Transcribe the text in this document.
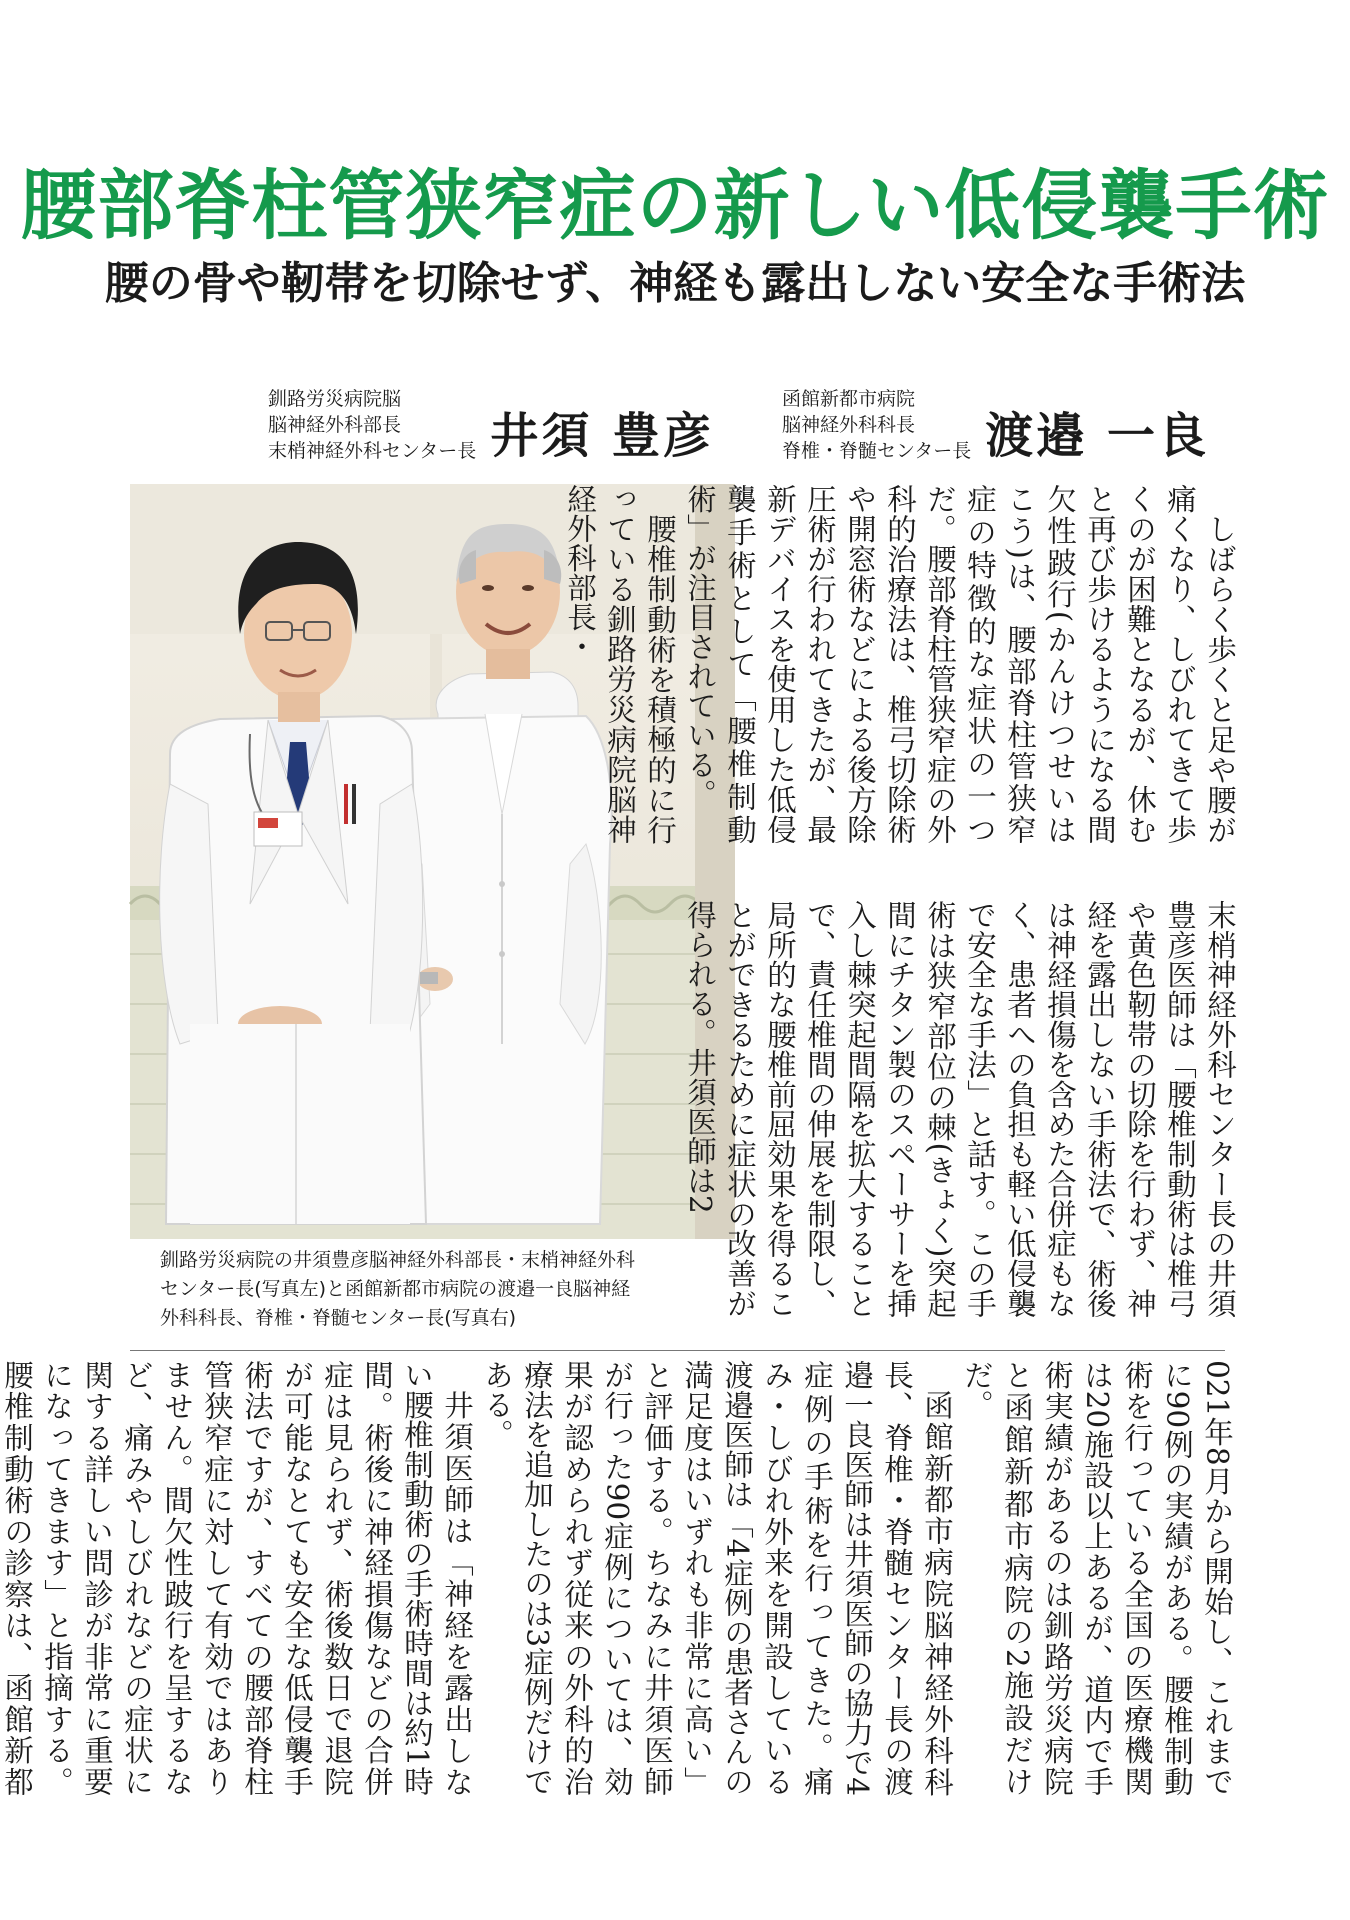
腰部脊柱管狭窄症の新しい低侵襲手術
腰の骨や靭帯を切除せず、神経も露出しない安全な手術法
釧路労災病院脳
脳神経外科部長
末梢神経外科センター長 井須 豊彦
函館新都市病院
脳神経外科科長
脊椎・脊髄センター長 渡邉 一良
釧路労災病院の井須豊彦脳神経外科部長・末梢神経外科
センター長(写真左)と函館新都市病院の渡邉一良脳神経
外科科長、脊椎・脊髄センター長(写真右)
しばらく歩くと足や腰が痛くなり、しびれてきて歩くのが困難となるが、休むと再び歩けるようになる間欠性跛行(かんけつせいはこう)は、腰部脊柱管狭窄症の特徴的な症状の一つだ。腰部脊柱管狭窄症の外科的治療法は、椎弓切除術や開窓術などによる後方除圧術が行われてきたが、最新デバイスを使用した低侵襲手術として「腰椎制動術」が注目されている。
腰椎制動術を積極的に行っている釧路労災病院脳神経外科部長・
末梢神経外科センター長の井須豊彦医師は「腰椎制動術は椎弓や黄色靭帯の切除を行わず、神経を露出しない手術法で、術後は神経損傷を含めた合併症もなく、患者への負担も軽い低侵襲で安全な手法」と話す。この手術は狭窄部位の棘(きょく)突起間にチタン製のスペーサーを挿入し棘突起間隔を拡大することで、責任椎間の伸展を制限し、局所的な腰椎前屈効果を得ることができるために症状の改善が得られる。井須医師は2
021年8月から開始し、これまでに90例の実績がある。腰椎制動術を行っている全国の医療機関は20施設以上あるが、道内で手術実績があるのは釧路労災病院と函館新都市病院の2施設だけだ。
函館新都市病院脳神経外科科長、脊椎・脊髄センター長の渡邉一良医師は井須医師の協力で4症例の手術を行ってきた。痛み・しびれ外来を開設している渡邉医師は「4症例の患者さんの満足度はいずれも非常に高い」と評価する。ちなみに井須医師が行った90症例については、効果が認められず従来の外科的治療法を追加したのは3症例だけである。
井須医師は「神経を露出しない腰椎制動術の手術時間は約1時間。術後に神経損傷などの合併症は見られず、術後数日で退院が可能なとても安全な低侵襲手術法ですが、すべての腰部脊柱管狭窄症に対して有効ではありません。間欠性跛行を呈するなど、痛みやしびれなどの症状に関する詳しい問診が非常に重要になってきます」と指摘する。腰椎制動術の診察は、函館新都
